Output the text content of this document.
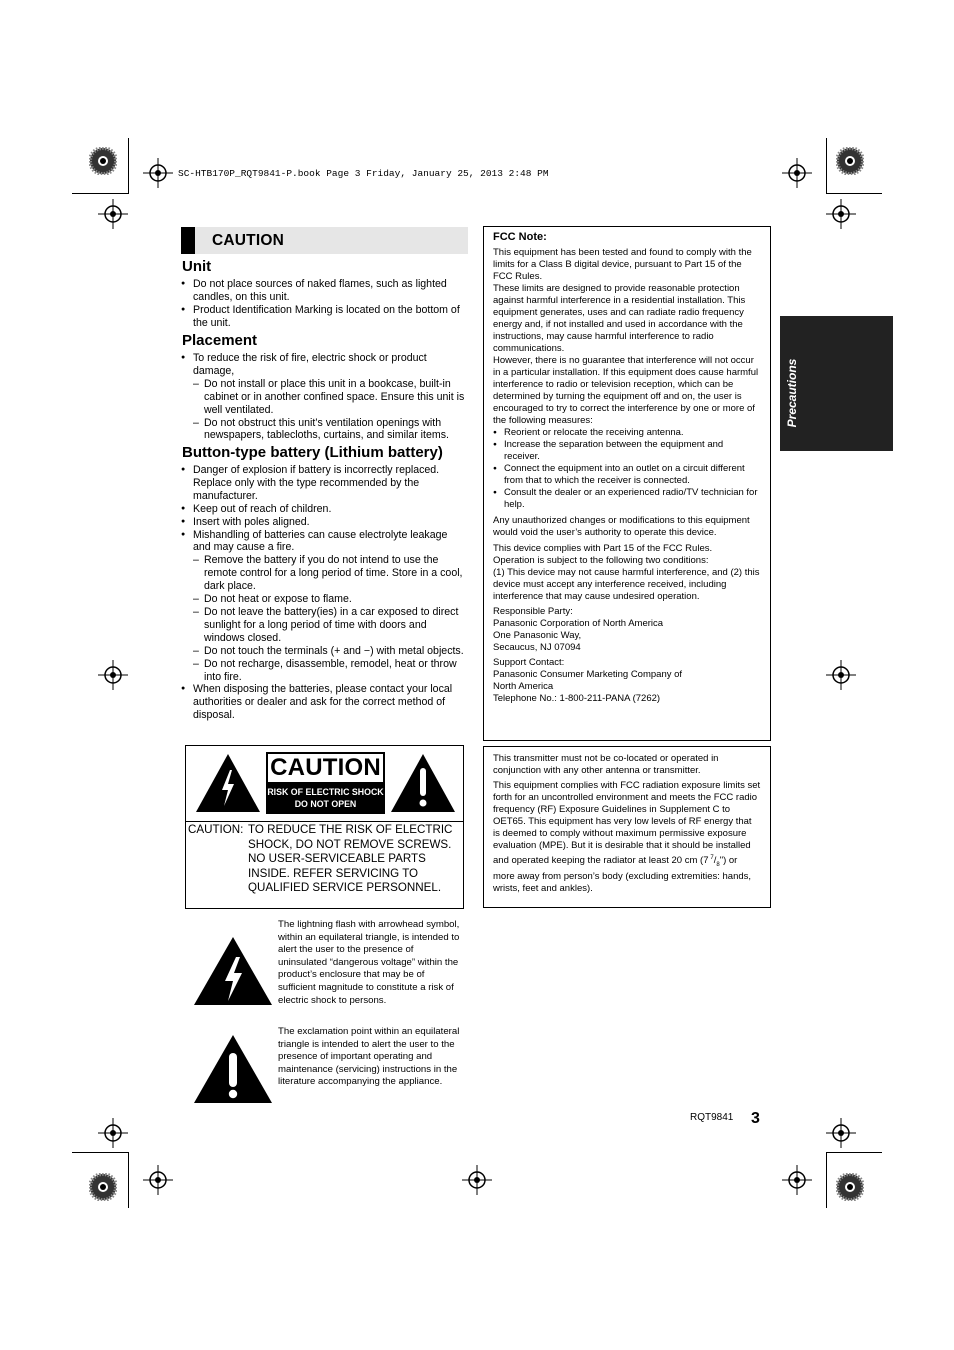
SC-HTB170P_RQT9841-P.book Page 3 Friday, January 25, 2013 2:48 PM
CAUTION
Unit
● Do not place sources of naked flames, such as lighted candles, on this unit.
● Product Identification Marking is located on the bottom of the unit.
Placement
● To reduce the risk of fire, electric shock or product damage,
– Do not install or place this unit in a bookcase, built-in cabinet or in another confined space. Ensure this unit is well ventilated.
– Do not obstruct this unit’s ventilation openings with newspapers, tablecloths, curtains, and similar items.
Button-type battery (Lithium battery)
● Danger of explosion if battery is incorrectly replaced. Replace only with the type recommended by the manufacturer.
● Keep out of reach of children.
● Insert with poles aligned.
● Mishandling of batteries can cause electrolyte leakage and may cause a fire.
– Remove the battery if you do not intend to use the remote control for a long period of time. Store in a cool, dark place.
– Do not heat or expose to flame.
– Do not leave the battery(ies) in a car exposed to direct sunlight for a long period of time with doors and windows closed.
– Do not touch the terminals (+ and −) with metal objects.
– Do not recharge, disassemble, remodel, heat or throw into fire.
● When disposing the batteries, please contact your local authorities or dealer and ask for the correct method of disposal.
CAUTION
RISK OF ELECTRIC SHOCK
DO NOT OPEN
CAUTION: TO REDUCE THE RISK OF ELECTRIC SHOCK, DO NOT REMOVE SCREWS. NO USER-SERVICEABLE PARTS INSIDE. REFER SERVICING TO QUALIFIED SERVICE PERSONNEL.
The lightning flash with arrowhead symbol, within an equilateral triangle, is intended to alert the user to the presence of uninsulated “dangerous voltage” within the product’s enclosure that may be of sufficient magnitude to constitute a risk of electric shock to persons.
The exclamation point within an equilateral triangle is intended to alert the user to the presence of important operating and maintenance (servicing) instructions in the literature accompanying the appliance.

FCC Note:

This equipment has been tested and found to comply with the limits for a Class B digital device, pursuant to Part 15 of the FCC Rules.

These limits are designed to provide reasonable protection against harmful interference in a residential installation. This equipment generates, uses and can radiate radio frequency energy and, if not installed and used in accordance with the instructions, may cause harmful interference to radio communications.

However, there is no guarantee that interference will not occur in a particular installation. If this equipment does cause harmful interference to radio or television reception, which can be determined by turning the equipment off and on, the user is encouraged to try to correct the interference by one or more of the following measures:

● Reorient or relocate the receiving antenna.
● Increase the separation between the equipment and receiver.
● Connect the equipment into an outlet on a circuit different from that to which the receiver is connected.
● Consult the dealer or an experienced radio/TV technician for help.

Any unauthorized changes or modifications to this equipment would void the user’s authority to operate this device.

This device complies with Part 15 of the FCC Rules.

Operation is subject to the following two conditions:

(1) This device may not cause harmful interference, and (2) this device must accept any interference received, including interference that may cause undesired operation.

Responsible Party:

Panasonic Corporation of North America

One Panasonic Way,

Secaucus, NJ 07094

Support Contact:

Panasonic Consumer Marketing Company of

North America

Telephone No.: 1-800-211-PANA (7262)

This transmitter must not be co-located or operated in conjunction with any other antenna or transmitter.

This equipment complies with FCC radiation exposure limits set forth for an uncontrolled environment and meets the FCC radio frequency (RF) Exposure Guidelines in Supplement C to OET65. This equipment has very low levels of RF energy that is deemed to comply without maximum permissive exposure evaluation (MPE). But it is desirable that it should be installed and operated keeping the radiator at least 20 cm (7  $^7/_8$") or more away from person’s body (excluding extremities: hands, wrists, feet and ankles).

Precautions
RQT9841 3
